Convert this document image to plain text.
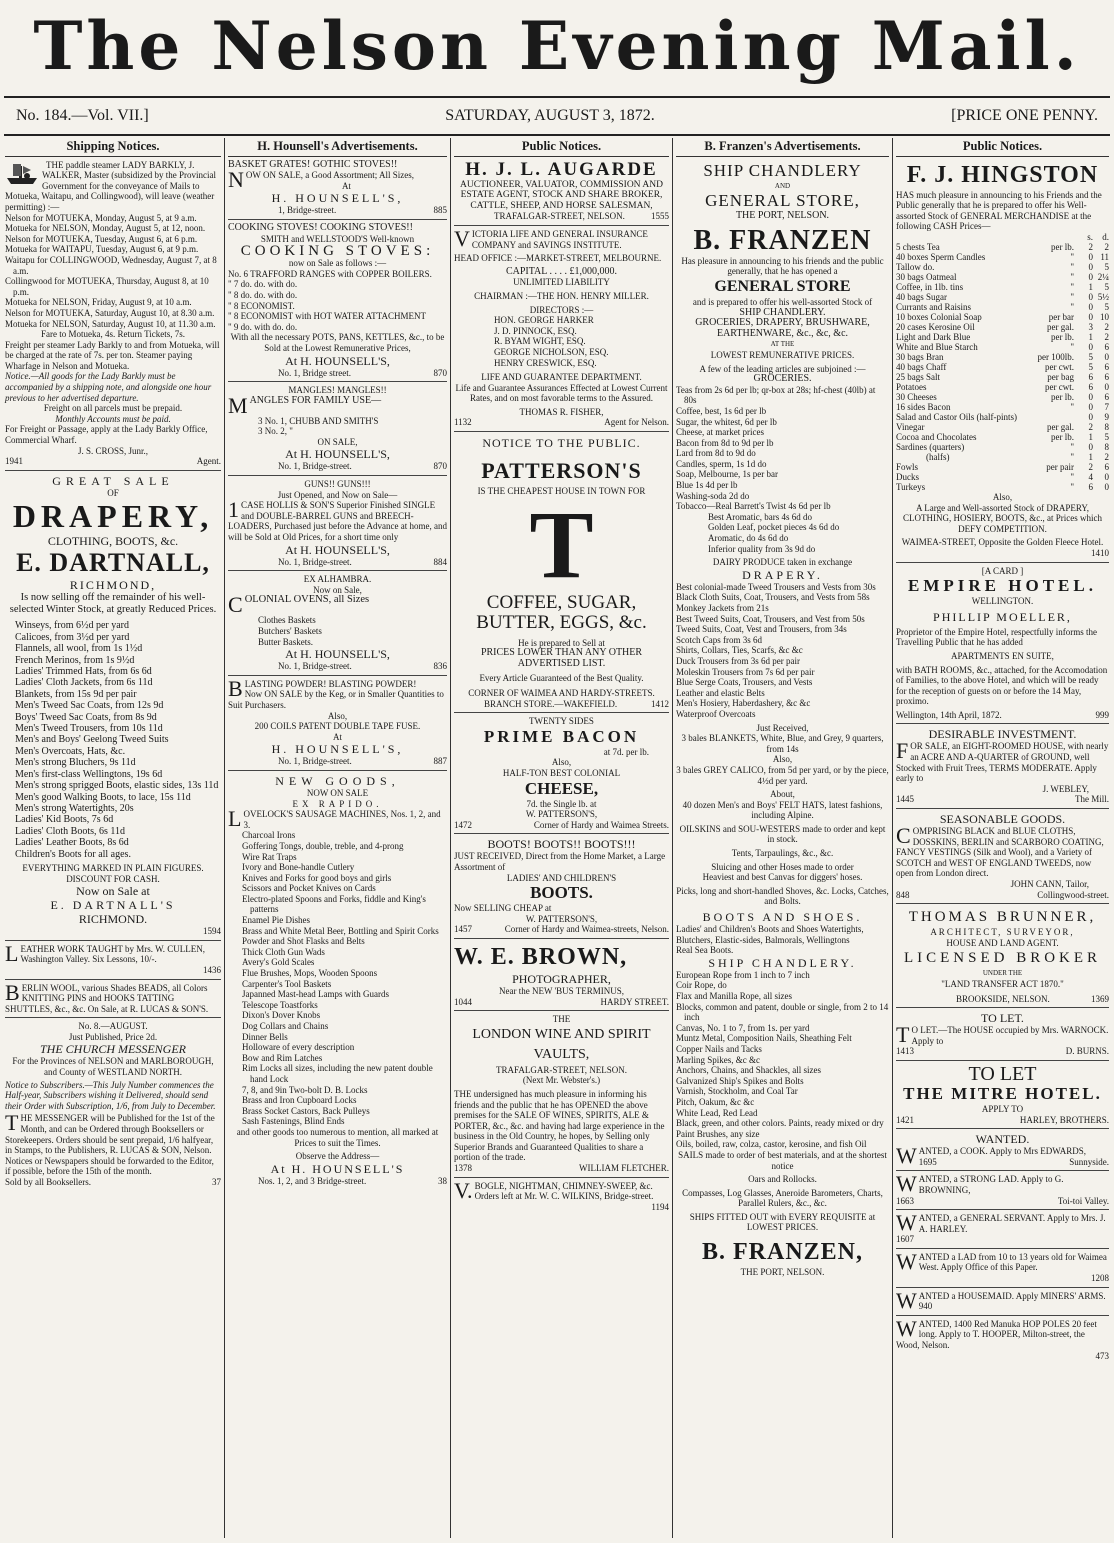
The Nelson Evening Mail.
No. 184.—Vol. VII.]	SATURDAY, AUGUST 3, 1872.	[PRICE ONE PENNY.
Shipping Notices.
THE paddle steamer LADY BARKLY, J. WALKER, Master (subsidized by the Provincial Government for the conveyance of Mails to Motueka, Waitapu, and Collingwood), will leave (weather permitting) :—
Nelson for MOTUEKA, Monday, August 5, at 9 a.m.
Motueka for NELSON, Monday, August 5, at 12, noon.
Nelson for MOTUEKA, Tuesday, August 6, at 6 p.m.
Motueka for WAITAPU, Tuesday, August 6, at 9 p.m.
Waitapu for COLLINGWOOD, Wednesday, August 7, at 8 a.m.
Collingwood for MOTUEKA, Thursday, August 8, at 10 p.m.
Motueka for NELSON, Friday, August 9, at 10 a.m.
Nelson for MOTUEKA, Saturday, August 10, at 8.30 a.m.
Motueka for NELSON, Saturday, August 10, at 11.30 a.m.
Fare to Motueka, 4s. Return Tickets, 7s.
Freight per steamer Lady Barkly to and from Motueka, will be charged at the rate of 7s. per ton. Steamer paying Wharfage in Nelson and Motueka.
Notice.—All goods for the Lady Barkly must be accompanied by a shipping note, and alongside one hour previous to her advertised departure.
Freight on all parcels must be prepaid.
Monthly Accounts must be paid.
For Freight or Passage, apply at the Lady Barkly Office, Commercial Wharf.
J. S. CROSS, Junr.,
1941	Agent.
GREAT SALE
OF
DRAPERY,
CLOTHING, BOOTS, &c.
E. DARTNALL,
RICHMOND,
Is now selling off the remainder of his well-selected Winter Stock, at greatly Reduced Prices.
Winseys, from 6½d per yard
Calicoes, from 3½d per yard
Flannels, all wool, from 1s 1½d
French Merinos, from 1s 9½d
Ladies' Trimmed Hats, from 6s 6d
Ladies' Cloth Jackets, from 6s 11d
Blankets, from 15s 9d per pair
Men's Tweed Sac Coats, from 12s 9d
Boys' Tweed Sac Coats, from 8s 9d
Men's Tweed Trousers, from 10s 11d
Men's and Boys' Geelong Tweed Suits
Men's Overcoats, Hats, &c.
Men's strong Bluchers, 9s 11d
Men's first-class Wellingtons, 19s 6d
Men's strong sprigged Boots, elastic sides, 13s 11d
Men's good Walking Boots, to lace, 15s 11d
Men's strong Watertights, 20s
Ladies' Kid Boots, 7s 6d
Ladies' Cloth Boots, 6s 11d
Ladies' Leather Boots, 8s 6d
Children's Boots for all ages.
EVERYTHING MARKED IN PLAIN FIGURES.
DISCOUNT FOR CASH.
Now on Sale at
E. DARTNALL'S
RICHMOND.
1594
LEATHER WORK TAUGHT by Mrs. W. CULLEN, Washington Valley. Six Lessons, 10/-.
1436
BERLIN WOOL, various Shades BEADS, all Colors KNITTING PINS and HOOKS TATTING SHUTTLES, &c., &c. On Sale, at R. LUCAS & SON'S.
No. 8.—AUGUST.
Just Published, Price 2d.
THE CHURCH MESSENGER
For the Provinces of NELSON and MARLBOROUGH, and County of WESTLAND NORTH.
Notice to Subscribers.—This July Number commences the Half-year, Subscribers wishing it Delivered, should send their Order with Subscription, 1/6, from July to December.
THE MESSENGER will be Published for the 1st of the Month, and can be Ordered through Booksellers or Storekeepers. Orders should be sent prepaid, 1/6 halfyear, in Stamps, to the Publishers, R. LUCAS & SON, Nelson. Notices or Newspapers should be forwarded to the Editor, if possible, before the 15th of the month.
Sold by all Booksellers.	37
H. Hounsell's Advertisements.
BASKET GRATES! GOTHIC STOVES!!
NOW ON SALE, a Good Assortment; All Sizes,
At
H. HOUNSELL'S,
1, Bridge-street.	885
COOKING STOVES! COOKING STOVES!!
SMITH and WELLSTOOD'S Well-known
COOKING STOVES:
now on Sale as follows :—
No. 6 TRAFFORD RANGES with COPPER BOILERS.
" 7 do. do. with do.
" 8 do. do. with do.
" 8 ECONOMIST.
" 8 ECONOMIST with HOT WATER ATTACHMENT
" 9 do. with do. do.
With all the necessary POTS, PANS, KETTLES, &c., to be Sold at the Lowest Remunerative Prices,
At H. HOUNSELL'S,
No. 1, Bridge street.	870
MANGLES! MANGLES!!
MANGLES FOR FAMILY USE—
3 No. 1, CHUBB AND SMITH'S
3 No. 2, "
ON SALE,
At H. HOUNSELL'S,
No. 1, Bridge-street.	870
GUNS!! GUNS!!!
Just Opened, and Now on Sale—
1CASE HOLLIS & SON'S Superior Finished SINGLE and DOUBLE-BARREL GUNS and BREECH-LOADERS, Purchased just before the Advance at home, and will be Sold at Old Prices, for a short time only
At H. HOUNSELL'S,
No. 1, Bridge-street.	884
EX ALHAMBRA.
Now on Sale,
COLONIAL OVENS, all Sizes
Clothes Baskets
Butchers' Baskets
Butter Baskets.
At H. HOUNSELL'S,
No. 1, Bridge-street.	836
BLASTING POWDER! BLASTING POWDER!
Now ON SALE by the Keg, or in Smaller Quantities to Suit Purchasers.
Also,
200 COILS PATENT DOUBLE TAPE FUSE.
At
H. HOUNSELL'S,
No. 1, Bridge-street.	887
NEW GOODS,
NOW ON SALE
EX RAPIDO.
LOVELOCK'S SAUSAGE MACHINES, Nos. 1, 2, and 3.
Charcoal Irons
Goffering Tongs, double, treble, and 4-prong
Wire Rat Traps
Ivory and Bone-handle Cutlery
Knives and Forks for good boys and girls
Scissors and Pocket Knives on Cards
Electro-plated Spoons and Forks, fiddle and King's patterns
Enamel Pie Dishes
Brass and White Metal Beer, Bottling and Spirit Corks
Powder and Shot Flasks and Belts
Thick Cloth Gun Wads
Avery's Gold Scales
Flue Brushes, Mops, Wooden Spoons
Carpenter's Tool Baskets
Japanned Mast-head Lamps with Guards
Telescope Toastforks
Dixon's Dover Knobs
Dog Collars and Chains
Dinner Bells
Holloware of every description
Bow and Rim Latches
Rim Locks all sizes, including the new patent double hand Lock
7, 8, and 9in Two-bolt D. B. Locks
Brass and Iron Cupboard Locks
Brass Socket Castors, Back Pulleys
Sash Fastenings, Blind Ends
and other goods too numerous to mention, all marked at Prices to suit the Times.
Observe the Address—
At H. HOUNSELL'S
Nos. 1, 2, and 3 Bridge-street.	38
Public Notices.
H. J. L. AUGARDE
AUCTIONEER, VALUATOR, COMMISSION AND ESTATE AGENT, STOCK AND SHARE BROKER, CATTLE, SHEEP, AND HORSE SALESMAN,
TRAFALGAR-STREET, NELSON.	1555
VICTORIA LIFE AND GENERAL INSURANCE COMPANY and SAVINGS INSTITUTE.
HEAD OFFICE :—MARKET-STREET, MELBOURNE.
CAPITAL . . . . £1,000,000.
UNLIMITED LIABILITY
CHAIRMAN :—THE HON. HENRY MILLER.
DIRECTORS :—
HON. GEORGE HARKER
J. D. PINNOCK, ESQ.
R. BYAM WIGHT, ESQ.
GEORGE NICHOLSON, ESQ.
HENRY CRESWICK, ESQ.
LIFE AND GUARANTEE DEPARTMENT.
Life and Guarantee Assurances Effected at Lowest Current Rates, and on most favorable terms to the Assured.
THOMAS R. FISHER,
1132	Agent for Nelson.
NOTICE TO THE PUBLIC.
PATTERSON'S
IS THE CHEAPEST HOUSE IN TOWN FOR
T
COFFEE, SUGAR,
BUTTER, EGGS, &c.
He is prepared to Sell at
PRICES LOWER THAN ANY OTHER ADVERTISED LIST.
Every Article Guaranteed of the Best Quality.
CORNER OF WAIMEA AND HARDY-STREETS.
BRANCH STORE.—WAKEFIELD.	1412
TWENTY SIDES
PRIME BACON
at 7d. per lb.
Also,
HALF-TON BEST COLONIAL
CHEESE,
7d. the Single lb. at
W. PATTERSON'S,
1472	Corner of Hardy and Waimea Streets.
BOOTS! BOOTS!! BOOTS!!!
JUST RECEIVED, Direct from the Home Market, a Large Assortment of
LADIES' AND CHILDREN'S
BOOTS.
Now SELLING CHEAP at
W. PATTERSON'S,
1457	Corner of Hardy and Waimea-streets, Nelson.
W. E. BROWN,
PHOTOGRAPHER,
Near the NEW 'BUS TERMINUS,
1044	HARDY STREET.
THE
LONDON WINE AND SPIRIT VAULTS,
TRAFALGAR-STREET, NELSON.
(Next Mr. Webster's.)
THE undersigned has much pleasure in informing his friends and the public that he has OPENED the above premises for the SALE OF WINES, SPIRITS, ALE & PORTER, &c., &c. and having had large experience in the business in the Old Country, he hopes, by Selling only Superior Brands and Guaranteed Qualities to share a portion of the trade.
1378	WILLIAM FLETCHER.
V.BOGLE, NIGHTMAN, CHIMNEY-SWEEP, &c. Orders left at Mr. W. C. WILKINS, Bridge-street.
1194
B. Franzen's Advertisements.
SHIP CHANDLERY
AND
GENERAL STORE,
THE PORT, NELSON.
B. FRANZEN
Has pleasure in announcing to his friends and the public generally, that he has opened a
GENERAL STORE
and is prepared to offer his well-assorted Stock of
SHIP CHANDLERY.
GROCERIES, DRAPERY, BRUSHWARE, EARTHENWARE, &c., &c, &c.
AT THE
LOWEST REMUNERATIVE PRICES.
A few of the leading articles are subjoined :—
GROCERIES.
Teas from 2s 6d per lb; qr-box at 28s; hf-chest (40lb) at 80s
Coffee, best, 1s 6d per lb
Sugar, the whitest, 6d per lb
Cheese, at market prices
Bacon from 8d to 9d per lb
Lard from 8d to 9d do
Candles, sperm, 1s 1d do
Soap, Melbourne, 1s per bar
Blue 1s 4d per lb
Washing-soda 2d do
Tobacco—Real Barrett's Twist 4s 6d per lb
Best Aromatic, bars 4s 6d do
Golden Leaf, pocket pieces 4s 6d do
Aromatic, do 4s 6d do
Inferior quality from 3s 9d do
DAIRY PRODUCE taken in exchange
DRAPERY.
Best colonial-made Tweed Trousers and Vests from 30s
Black Cloth Suits, Coat, Trousers, and Vests from 58s
Monkey Jackets from 21s
Best Tweed Suits, Coat, Trousers, and Vest from 50s
Tweed Suits, Coat, Vest and Trousers, from 34s
Scotch Caps from 3s 6d
Shirts, Collars, Ties, Scarfs, &c &c
Duck Trousers from 3s 6d per pair
Moleskin Trousers from 7s 6d per pair
Blue Serge Coats, Trousers, and Vests
Leather and elastic Belts
Men's Hosiery, Haberdashery, &c &c
Waterproof Overcoats
Just Received,
3 bales BLANKETS, White, Blue, and Grey, 9 quarters, from 14s
Also,
3 bales GREY CALICO, from 5d per yard, or by the piece, 4½d per yard.
About,
40 dozen Men's and Boys' FELT HATS, latest fashions, including Alpine.
OILSKINS and SOU-WESTERS made to order and kept in stock.
Tents, Tarpaulings, &c., &c.
Sluicing and other Hoses made to order
Heaviest and best Canvas for diggers' hoses.
Picks, long and short-handled Shoves, &c. Locks, Catches, and Bolts.
BOOTS AND SHOES.
Ladies' and Children's Boots and Shoes Watertights, Blutchers, Elastic-sides, Balmorals, Wellingtons
Real Sea Boots.
SHIP CHANDLERY.
European Rope from 1 inch to 7 inch
Coir Rope, do
Flax and Manilla Rope, all sizes
Blocks, common and patent, double or single, from 2 to 14 inch
Canvas, No. 1 to 7, from 1s. per yard
Muntz Metal, Composition Nails, Sheathing Felt
Copper Nails and Tacks
Marling Spikes, &c &c
Anchors, Chains, and Shackles, all sizes
Galvanized Ship's Spikes and Bolts
Varnish, Stockholm, and Coal Tar
Pitch, Oakum, &c &c
White Lead, Red Lead
Black, green, and other colors. Paints, ready mixed or dry
Paint Brushes, any size
Oils, boiled, raw, colza, castor, kerosine, and fish Oil
SAILS made to order of best materials, and at the shortest notice
Oars and Rollocks.
Compasses, Log Glasses, Aneroide Barometers, Charts, Parallel Rulers, &c., &c.
SHIPS FITTED OUT with EVERY REQUISITE at LOWEST PRICES.
B. FRANZEN,
THE PORT, NELSON.
Public Notices.
F. J. HINGSTON
HAS much pleasure in announcing to his Friends and the Public generally that he is prepared to offer his Well-assorted Stock of GENERAL MERCHANDISE at the following CASH Prices—
		s.	d.
5 chests Tea	per lb.	2	2
40 boxes Sperm Candles	"	0	11
Tallow do.	"	0	5
30 bags Oatmeal	"	0	2¼
Coffee, in 1lb. tins	"	1	5
40 bags Sugar	"	0	5½
Currants and Raisins	"	0	5
10 boxes Colonial Soap	per bar	0	10
20 cases Kerosine Oil	per gal.	3	2
Light and Dark Blue	per lb.	1	2
White and Blue Starch	"	0	6
30 bags Bran	per 100lb.	5	0
40 bags Chaff	per cwt.	5	6
25 bags Salt	per bag	6	6
Potatoes	per cwt.	6	0
30 Cheeses	per lb.	0	6
16 sides Bacon	"	0	7
Salad and Castor Oils (half-pints)		0	9
Vinegar	per gal.	2	8
Cocoa and Chocolates	per lb.	1	5
Sardines (quarters)	"	0	8
(halfs)	"	1	2
Fowls	per pair	2	6
Ducks	"	4	0
Turkeys	"	6	0
Also,
A Large and Well-assorted Stock of DRAPERY, CLOTHING, HOSIERY, BOOTS, &c., at Prices which DEFY COMPETITION.
WAIMEA-STREET, Opposite the Golden Fleece Hotel.
1410
[A CARD ]
EMPIRE HOTEL.
WELLINGTON.
PHILLIP MOELLER,
Proprietor of the Empire Hotel, respectfully informs the Travelling Public that he has added
APARTMENTS EN SUITE,
with BATH ROOMS, &c., attached, for the Accomodation of Families, to the above Hotel, and which will be ready for the reception of guests on or before the 14 May, proximo.
Wellington, 14th April, 1872.	999
DESIRABLE INVESTMENT.
FOR SALE, an EIGHT-ROOMED HOUSE, with nearly an ACRE AND A-QUARTER of GROUND, well Stocked with Fruit Trees, TERMS MODERATE. Apply early to
J. WEBLEY,
1445	The Mill.
SEASONABLE GOODS.
COMPRISING BLACK and BLUE CLOTHS, DOSSKINS, BERLIN and SCARBORO COATING, FANCY VESTINGS (Silk and Wool), and a Variety of SCOTCH and WEST OF ENGLAND TWEEDS, now open from London direct.
JOHN CANN, Tailor,
848	Collingwood-street.
THOMAS BRUNNER,
ARCHITECT, SURVEYOR,
HOUSE AND LAND AGENT.
LICENSED BROKER
UNDER THE
"LAND TRANSFER ACT 1870."
BROOKSIDE, NELSON.	1369
TO LET.
TO LET.—The HOUSE occupied by Mrs. WARNOCK. Apply to
1413	D. BURNS.
TO LET
THE MITRE HOTEL.
APPLY TO
1421	HARLEY, BROTHERS.
WANTED.
WANTED, a COOK. Apply to Mrs EDWARDS,
1695	Sunnyside.
WANTED, a STRONG LAD. Apply to G. BROWNING,
1663	Toi-toi Valley.
WANTED, a GENERAL SERVANT. Apply to Mrs. J. A. HARLEY.
1607
WANTED a LAD from 10 to 13 years old for Waimea West. Apply Office of this Paper.
1208
WANTED a HOUSEMAID. Apply MINERS' ARMS.
940
WANTED, 1400 Red Manuka HOP POLES 20 feet long. Apply to T. HOOPER, Milton-street, the Wood, Nelson.
473
